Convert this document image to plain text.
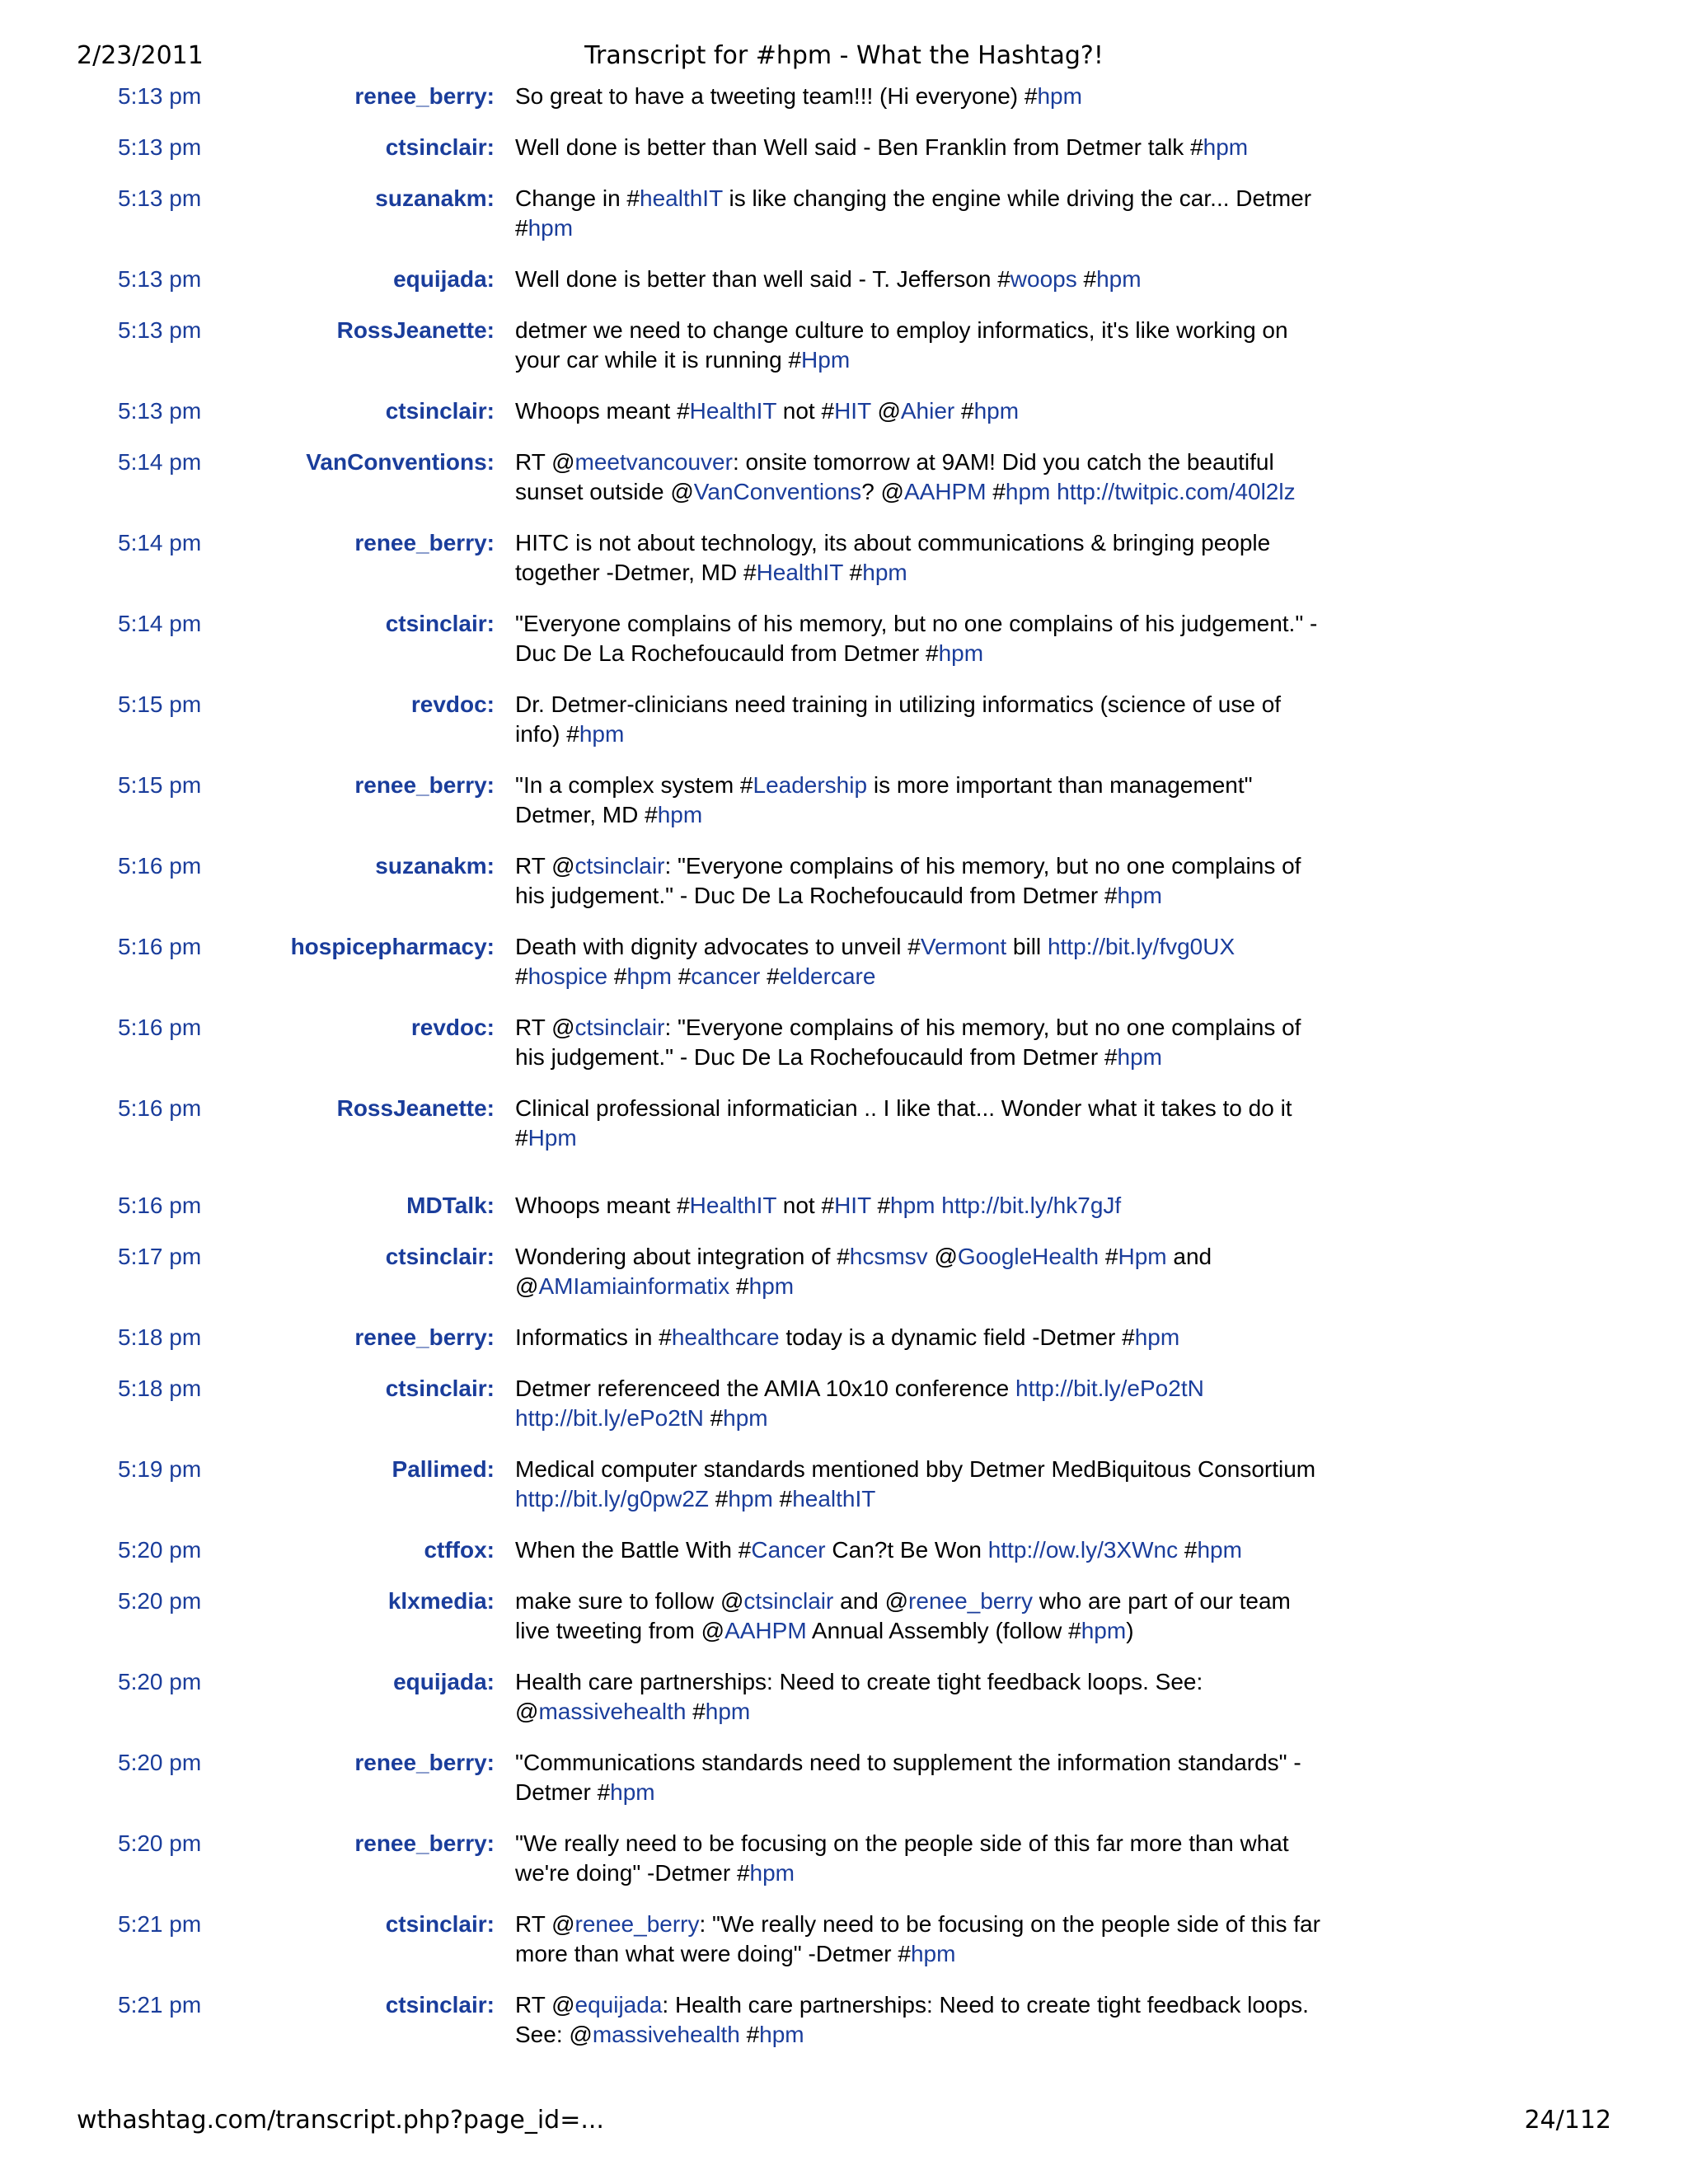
2/23/2011	Transcript for #hpm - What the Hashtag?!
5:13 pm	renee_berry: So great to have a tweeting team!!! (Hi everyone) #hpm
5:13 pm	ctsinclair: Well done is better than Well said - Ben Franklin from Detmer talk #hpm
5:13 pm	suzanakm: Change in #healthIT is like changing the engine while driving the car... Detmer #hpm
5:13 pm	equijada: Well done is better than well said - T. Jefferson #woops #hpm
5:13 pm	RossJeanette: detmer we need to change culture to employ informatics, it's like working on your car while it is running #Hpm
5:13 pm	ctsinclair: Whoops meant #HealthIT not #HIT @Ahier #hpm
5:14 pm	VanConventions: RT @meetvancouver: onsite tomorrow at 9AM! Did you catch the beautiful sunset outside @VanConventions? @AAHPM #hpm http://twitpic.com/40l2lz
5:14 pm	renee_berry: HITC is not about technology, its about communications & bringing people together -Detmer, MD #HealthIT #hpm
5:14 pm	ctsinclair: "Everyone complains of his memory, but no one complains of his judgement." - Duc De La Rochefoucauld from Detmer #hpm
5:15 pm	revdoc: Dr. Detmer-clinicians need training in utilizing informatics (science of use of info) #hpm
5:15 pm	renee_berry: "In a complex system #Leadership is more important than management" Detmer, MD #hpm
5:16 pm	suzanakm: RT @ctsinclair: "Everyone complains of his memory, but no one complains of his judgement." - Duc De La Rochefoucauld from Detmer #hpm
5:16 pm	hospicepharmacy: Death with dignity advocates to unveil #Vermont bill http://bit.ly/fvg0UX #hospice #hpm #cancer #eldercare
5:16 pm	revdoc: RT @ctsinclair: "Everyone complains of his memory, but no one complains of his judgement." - Duc De La Rochefoucauld from Detmer #hpm
5:16 pm	RossJeanette: Clinical professional informatician .. I like that... Wonder what it takes to do it #Hpm
5:16 pm	MDTalk: Whoops meant #HealthIT not #HIT #hpm http://bit.ly/hk7gJf
5:17 pm	ctsinclair: Wondering about integration of #hcsmsv @GoogleHealth #Hpm and @AMIamiainformatix #hpm
5:18 pm	renee_berry: Informatics in #healthcare today is a dynamic field -Detmer #hpm
5:18 pm	ctsinclair: Detmer referenceed the AMIA 10x10 conference http://bit.ly/ePo2tN http://bit.ly/ePo2tN #hpm
5:19 pm	Pallimed: Medical computer standards mentioned bby Detmer MedBiquitous Consortium http://bit.ly/g0pw2Z #hpm #healthIT
5:20 pm	ctffox: When the Battle With #Cancer Can?t Be Won http://ow.ly/3XWnc #hpm
5:20 pm	klxmedia: make sure to follow @ctsinclair and @renee_berry who are part of our team live tweeting from @AAHPM Annual Assembly (follow #hpm)
5:20 pm	equijada: Health care partnerships: Need to create tight feedback loops. See: @massivehealth #hpm
5:20 pm	renee_berry: "Communications standards need to supplement the information standards" -Detmer #hpm
5:20 pm	renee_berry: "We really need to be focusing on the people side of this far more than what we're doing" -Detmer #hpm
5:21 pm	ctsinclair: RT @renee_berry: "We really need to be focusing on the people side of this far more than what were doing" -Detmer #hpm
5:21 pm	ctsinclair: RT @equijada: Health care partnerships: Need to create tight feedback loops. See: @massivehealth #hpm
wthashtag.com/transcript.php?page_id=...	24/112
